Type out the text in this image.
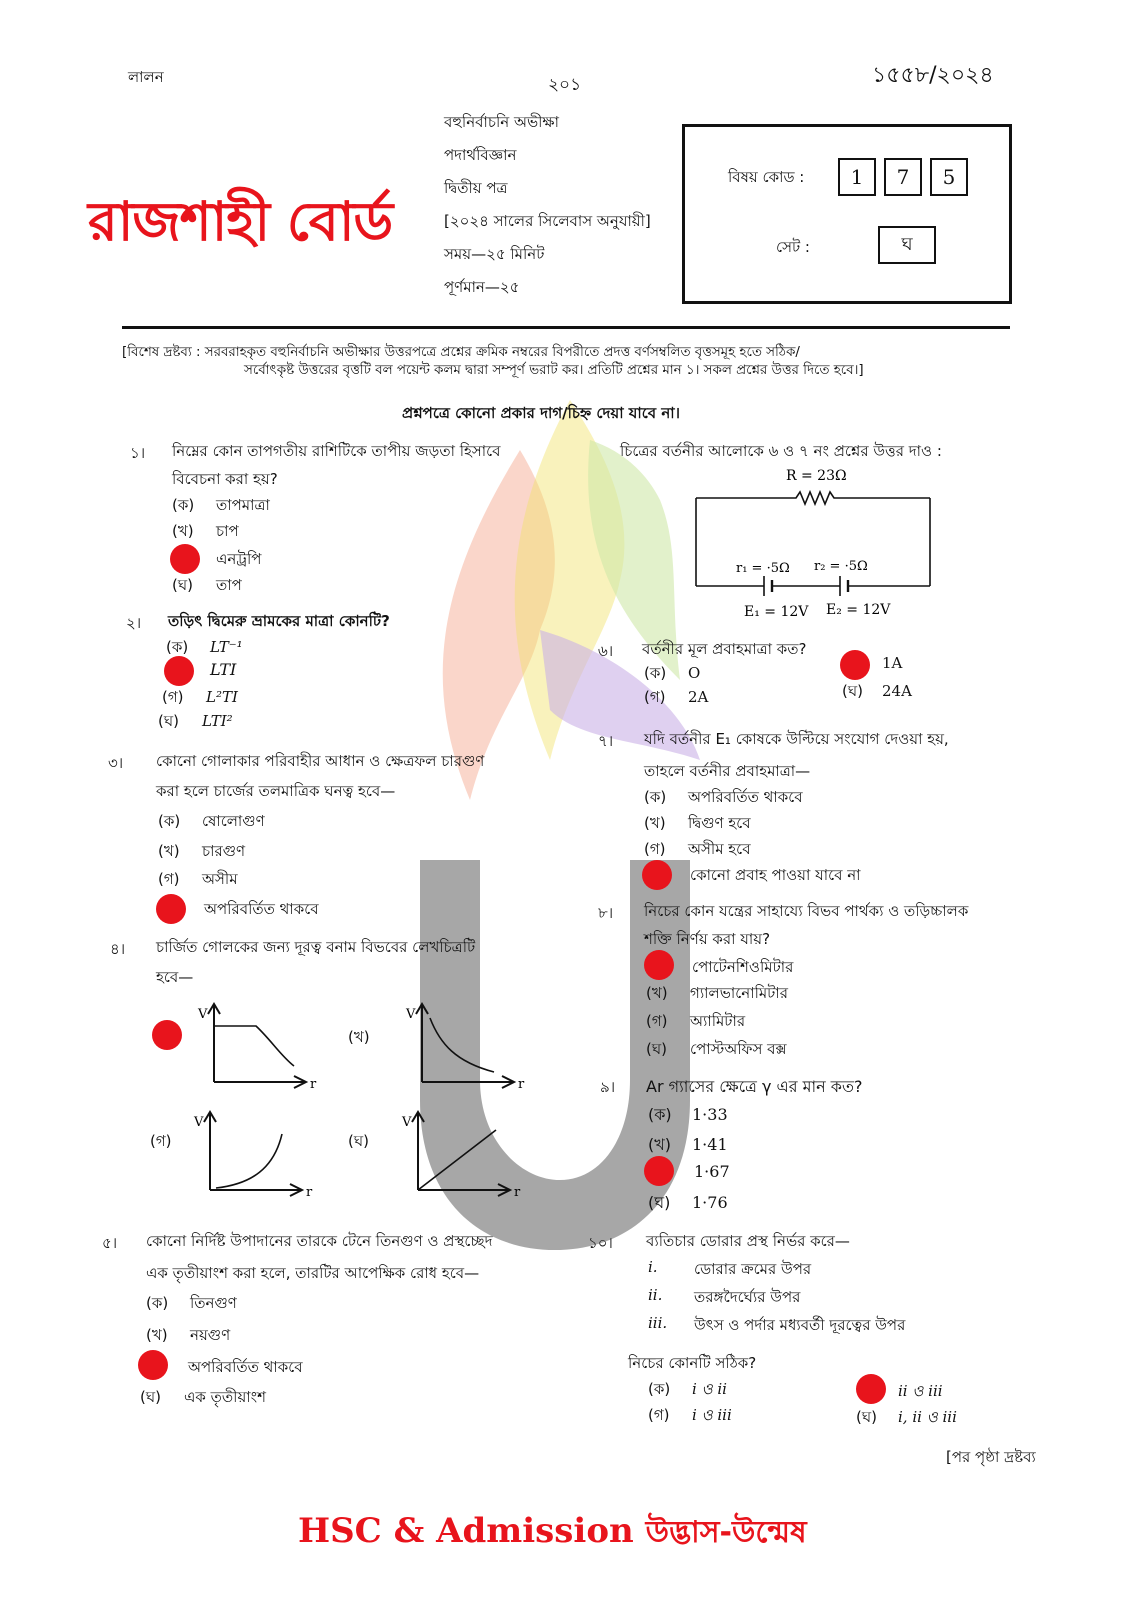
লালন	২০১	১৫৫৮/২০২৪
রাজশাহী বোর্ড
বহুনির্বাচনি অভীক্ষা
পদার্থবিজ্ঞান
দ্বিতীয় পত্র
[২০২৪ সালের সিলেবাস অনুযায়ী]
সময়—২৫ মিনিট
পূর্ণমান—২৫
বিষয় কোড :	1	7	5
সেট :	ঘ
[বিশেষ দ্রষ্টব্য : সরবরাহকৃত বহুনির্বাচনি অভীক্ষার উত্তরপত্রে প্রশ্নের ক্রমিক নম্বরের বিপরীতে প্রদত্ত বর্ণসম্বলিত বৃত্তসমূহ হতে সঠিক/
সর্বোৎকৃষ্ট উত্তরের বৃত্তটি বল পয়েন্ট কলম দ্বারা সম্পূর্ণ ভরাট কর। প্রতিটি প্রশ্নের মান ১। সকল প্রশ্নের উত্তর দিতে হবে।]
প্রশ্নপত্রে কোনো প্রকার দাগ/চিহ্ন দেয়া যাবে না।
১। নিম্নের কোন তাপগতীয় রাশিটিকে তাপীয় জড়তা হিসাবে
বিবেচনা করা হয়?
(ক) তাপমাত্রা
(খ) চাপ
এনট্রপি
(ঘ) তাপ
২। তড়িৎ দ্বিমেরু ভ্রামকের মাত্রা কোনটি?
(ক) LT⁻¹
LTI
(গ) L²TI
(ঘ) LTI²
৩। কোনো গোলাকার পরিবাহীর আধান ও ক্ষেত্রফল চারগুণ
করা হলে চার্জের তলমাত্রিক ঘনত্ব হবে—
(ক) ষোলোগুণ
(খ) চারগুণ
(গ) অসীম
অপরিবর্তিত থাকবে
৪। চার্জিত গোলকের জন্য দূরত্ব বনাম বিভবের লেখচিত্রটি
হবে—
V
r
(খ)
V
r
(গ)
V
r
(ঘ)
V
r
৫। কোনো নির্দিষ্ট উপাদানের তারকে টেনে তিনগুণ ও প্রস্থচ্ছেদ
এক তৃতীয়াংশ করা হলে, তারটির আপেক্ষিক রোধ হবে—
(ক) তিনগুণ
(খ) নয়গুণ
অপরিবর্তিত থাকবে
(ঘ) এক তৃতীয়াংশ
চিত্রের বর্তনীর আলোকে ৬ ও ৭ নং প্রশ্নের উত্তর দাও :
R = 23Ω
r₁ = ·5Ω r₂ = ·5Ω
E₁ = 12V E₂ = 12V
৬। বর্তনীর মূল প্রবাহমাত্রা কত?
(ক) O
1A
(গ) 2A	(ঘ) 24A
৭। যদি বর্তনীর E₁ কোষকে উল্টিয়ে সংযোগ দেওয়া হয়,
তাহলে বর্তনীর প্রবাহমাত্রা—
(ক) অপরিবর্তিত থাকবে
(খ) দ্বিগুণ হবে
(গ) অসীম হবে
কোনো প্রবাহ পাওয়া যাবে না
৮। নিচের কোন যন্ত্রের সাহায্যে বিভব পার্থক্য ও তড়িচ্চালক
শক্তি নির্ণয় করা যায়?
পোটেনশিওমিটার
(খ) গ্যালভানোমিটার
(গ) অ্যামিটার
(ঘ) পোস্টঅফিস বক্স
৯। Ar গ্যাসের ক্ষেত্রে γ এর মান কত?
(ক) 1·33
(খ) 1·41
1·67
(ঘ) 1·76
১০। ব্যতিচার ডোরার প্রস্থ নির্ভর করে—
i. ডোরার ক্রমের উপর
ii. তরঙ্গদৈর্ঘ্যের উপর
iii. উৎস ও পর্দার মধ্যবর্তী দূরত্বের উপর
নিচের কোনটি সঠিক?
(ক) i ও ii	ii ও iii
(গ) i ও iii	(ঘ) i, ii ও iii
[পর পৃষ্ঠা দ্রষ্টব্য
HSC & Admission উদ্ভাস-উন্মেষ
